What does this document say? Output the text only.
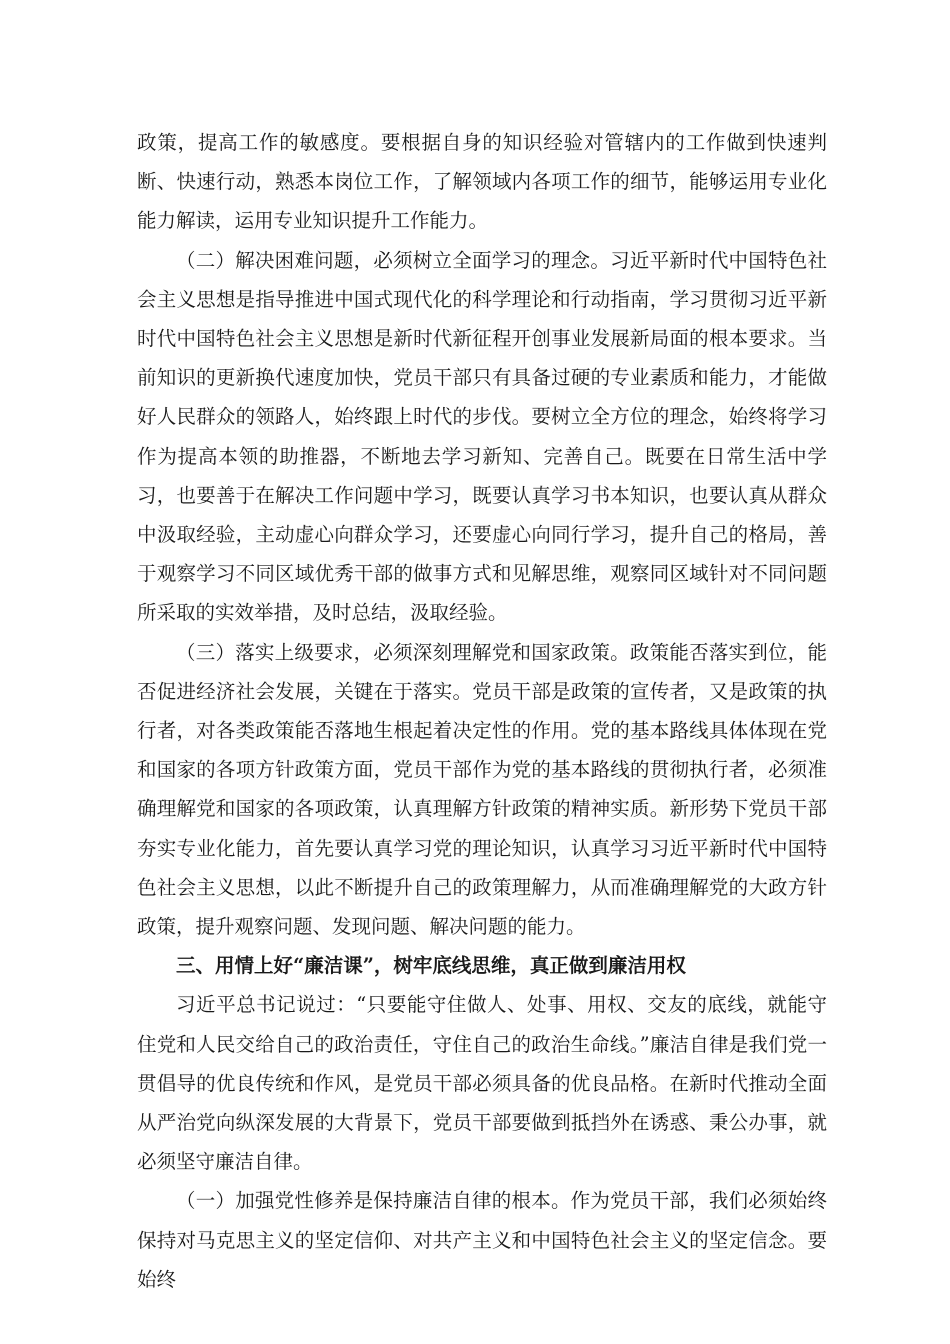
政策，提高工作的敏感度。要根据自身的知识经验对管辖内的工作做到快速判断、快速行动，熟悉本岗位工作，了解领域内各项工作的细节，能够运用专业化能力解读，运用专业知识提升工作能力。

（二）解决困难问题，必须树立全面学习的理念。习近平新时代中国特色社会主义思想是指导推进中国式现代化的科学理论和行动指南，学习贯彻习近平新时代中国特色社会主义思想是新时代新征程开创事业发展新局面的根本要求。当前知识的更新换代速度加快，党员干部只有具备过硬的专业素质和能力，才能做好人民群众的领路人，始终跟上时代的步伐。要树立全方位的理念，始终将学习作为提高本领的助推器，不断地去学习新知、完善自己。既要在日常生活中学习，也要善于在解决工作问题中学习，既要认真学习书本知识，也要认真从群众中汲取经验，主动虚心向群众学习，还要虚心向同行学习，提升自己的格局，善于观察学习不同区域优秀干部的做事方式和见解思维，观察同区域针对不同问题所采取的实效举措，及时总结，汲取经验。

（三）落实上级要求，必须深刻理解党和国家政策。政策能否落实到位，能否促进经济社会发展，关键在于落实。党员干部是政策的宣传者，又是政策的执行者，对各类政策能否落地生根起着决定性的作用。党的基本路线具体体现在党和国家的各项方针政策方面，党员干部作为党的基本路线的贯彻执行者，必须准确理解党和国家的各项政策，认真理解方针政策的精神实质。新形势下党员干部夯实专业化能力，首先要认真学习党的理论知识，认真学习习近平新时代中国特色社会主义思想，以此不断提升自己的政策理解力，从而准确理解党的大政方针政策，提升观察问题、发现问题、解决问题的能力。

三、用情上好“廉洁课”，树牢底线思维，真正做到廉洁用权

习近平总书记说过：“只要能守住做人、处事、用权、交友的底线，就能守住党和人民交给自己的政治责任，守住自己的政治生命线。”廉洁自律是我们党一贯倡导的优良传统和作风，是党员干部必须具备的优良品格。在新时代推动全面从严治党向纵深发展的大背景下，党员干部要做到抵挡外在诱惑、秉公办事，就必须坚守廉洁自律。

（一）加强党性修养是保持廉洁自律的根本。作为党员干部，我们必须始终保持对马克思主义的坚定信仰、对共产主义和中国特色社会主义的坚定信念。要始终
